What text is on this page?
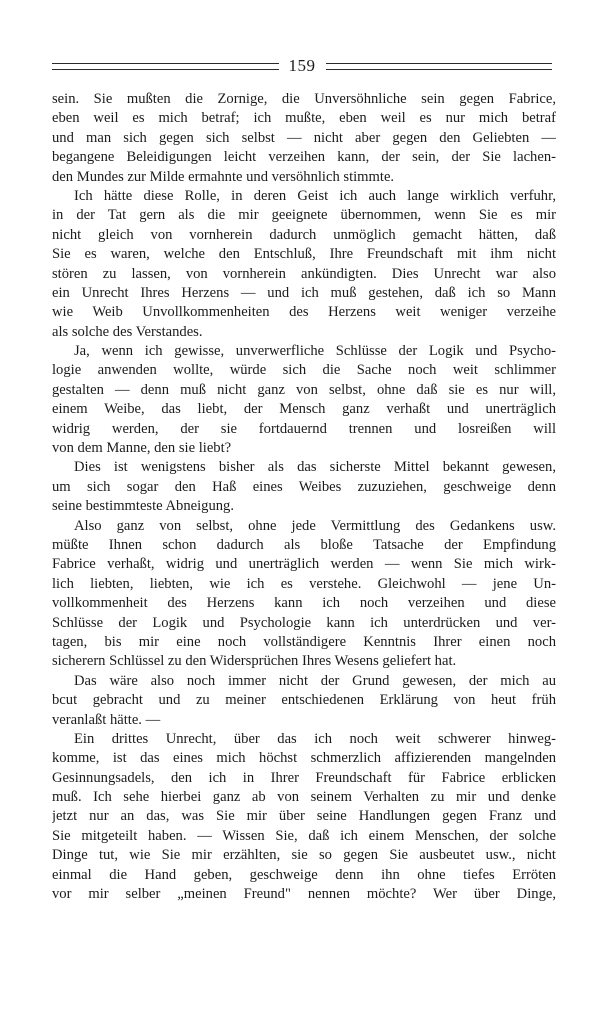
159
sein. Sie mußten die Zornige, die Unversöhnliche sein gegen Fabrice,
eben weil es mich betraf; ich mußte, eben weil es nur mich betraf
und man sich gegen sich selbst — nicht aber gegen den Geliebten —
begangene Beleidigungen leicht verzeihen kann, der sein, der Sie lachen-
den Mundes zur Milde ermahnte und versöhnlich stimmte.
Ich hätte diese Rolle, in deren Geist ich auch lange wirklich verfuhr,
in der Tat gern als die mir geeignete übernommen, wenn Sie es mir
nicht gleich von vornherein dadurch unmöglich gemacht hätten, daß
Sie es waren, welche den Entschluß, Ihre Freundschaft mit ihm nicht
stören zu lassen, von vornherein ankündigten. Dies Unrecht war also
ein Unrecht Ihres Herzens — und ich muß gestehen, daß ich so Mann
wie Weib Unvollkommenheiten des Herzens weit weniger verzeihe
als solche des Verstandes.
Ja, wenn ich gewisse, unverwerfliche Schlüsse der Logik und Psycho-
logie anwenden wollte, würde sich die Sache noch weit schlimmer
gestalten — denn muß nicht ganz von selbst, ohne daß sie es nur will,
einem Weibe, das liebt, der Mensch ganz verhaßt und unerträglich
widrig werden, der sie fortdauernd trennen und losreißen will
von dem Manne, den sie liebt?
Dies ist wenigstens bisher als das sicherste Mittel bekannt gewesen,
um sich sogar den Haß eines Weibes zuzuziehen, geschweige denn
seine bestimmteste Abneigung.
Also ganz von selbst, ohne jede Vermittlung des Gedankens usw.
müßte Ihnen schon dadurch als bloße Tatsache der Empfindung
Fabrice verhaßt, widrig und unerträglich werden — wenn Sie mich wirk-
lich liebten, liebten, wie ich es verstehe. Gleichwohl — jene Un-
vollkommenheit des Herzens kann ich noch verzeihen und diese
Schlüsse der Logik und Psychologie kann ich unterdrücken und ver-
tagen, bis mir eine noch vollständigere Kenntnis Ihrer einen noch
sicherern Schlüssel zu den Widersprüchen Ihres Wesens geliefert hat.
Das wäre also noch immer nicht der Grund gewesen, der mich au
bcut gebracht und zu meiner entschiedenen Erklärung von heut früh
veranlaßt hätte. —
Ein drittes Unrecht, über das ich noch weit schwerer hinweg-
komme, ist das eines mich höchst schmerzlich affizierenden mangelnden
Gesinnungsadels, den ich in Ihrer Freundschaft für Fabrice erblicken
muß. Ich sehe hierbei ganz ab von seinem Verhalten zu mir und denke
jetzt nur an das, was Sie mir über seine Handlungen gegen Franz und
Sie mitgeteilt haben. — Wissen Sie, daß ich einem Menschen, der solche
Dinge tut, wie Sie mir erzählten, sie so gegen Sie ausbeutet usw., nicht
einmal die Hand geben, geschweige denn ihn ohne tiefes Erröten
vor mir selber „meinen Freund" nennen möchte? Wer über Dinge,
